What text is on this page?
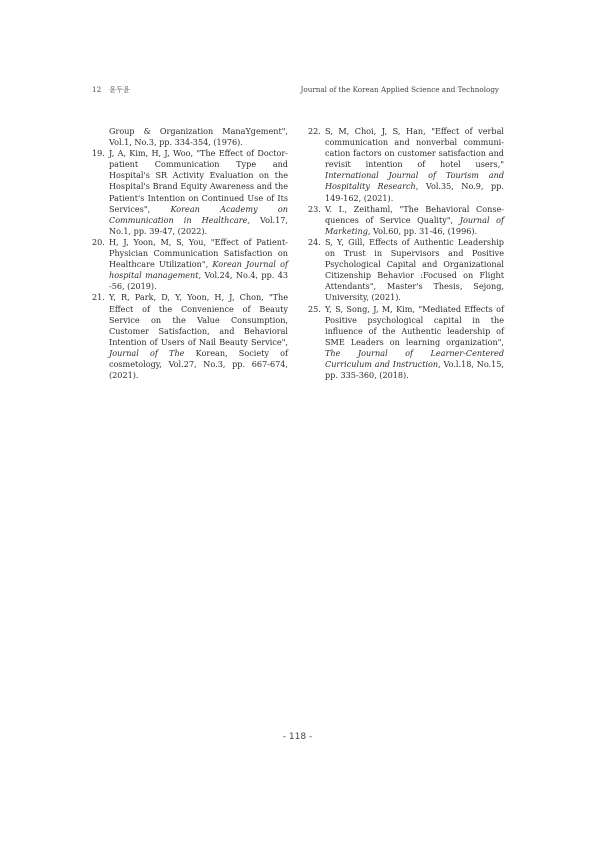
12 윤두윤	Journal of the Korean Applied Science and Technology

Group & Organization ManaYgement", Vol.1, No.3, pp. 334-354, (1976).

19. J, A, Kim, H, J, Woo, "The Effect of Doctor-patient Communication Type and Hospital's SR Activity Evaluation on the Hospital's Brand Equity Awareness and the Patient's Intention on Continued Use of Its Services", Korean Academy on Communication in Healthcare, Vol.17, No.1, pp. 39-47, (2022).

20. H, J, Yoon, M, S, You, "Effect of Patient-Physician Communication Satisfaction on Healthcare Utilization", Korean Journal of hospital management, Vol.24, No.4, pp. 43 -56, (2019).

21. Y, R, Park, D, Y, Yoon, H, J, Chon, "The Effect of the Convenience of Beauty Service on the Value Consumption, Customer Satisfaction, and Behavioral Intention of Users of Nail Beauty Service", Journal of The Korean, Society of cosmetology, Vol.27, No.3, pp. 667-674, (2021).

22. S, M, Choi, J, S, Han, "Effect of verbal communication and nonverbal communi- cation factors on customer satisfaction and revisit intention of hotel users," International Journal of Tourism and Hospitality Research, Vol.35, No.9, pp. 149-162, (2021).

23. V. I., Zeithaml, "The Behavioral Conse- quences of Service Quality", Journal of Marketing, Vol.60, pp. 31-46, (1996).

24. S, Y, Gill, Effects of Authentic Leadership on Trust in Supervisors and Positive Psychological Capital and Organizational Citizenship Behavior :Focused on Flight Attendants", Master's Thesis, Sejong, University, (2021).

25. Y, S, Song, J, M, Kim, "Mediated Effects of Positive psychological capital in the influence of the Authentic leadership of SME Leaders on learning organization", The Journal of Learner-Centered Curriculum and Instruction, Vo.l.18, No.15, pp. 335-360, (2018).

- 118 -
